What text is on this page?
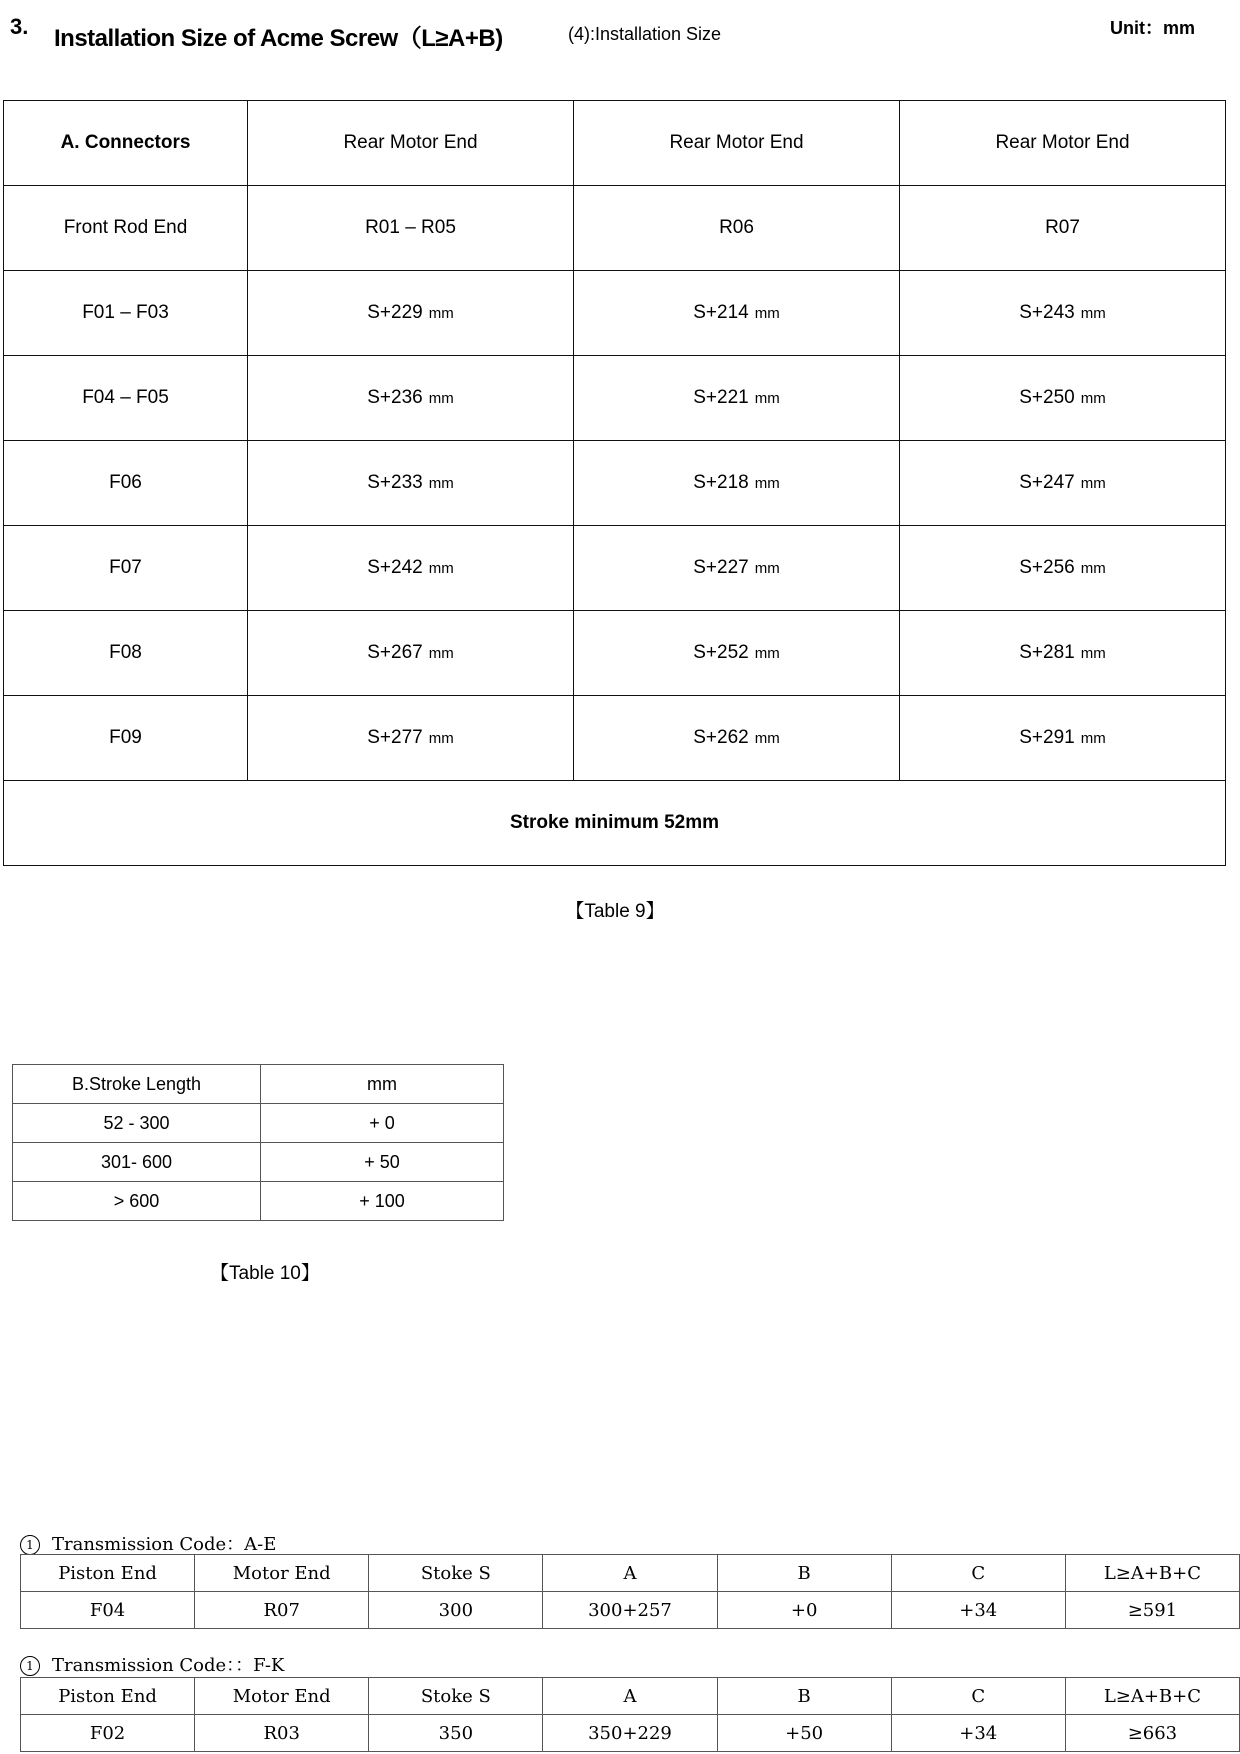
3. Installation Size of Acme Screw（L≥A+B)	(4):Installation Size	Unit：mm
A. Connectors	Rear Motor End	Rear Motor End	Rear Motor End
Front Rod End	R01 – R05	R06	R07
F01 – F03	S+229 mm	S+214 mm	S+243 mm
F04 – F05	S+236 mm	S+221 mm	S+250 mm
F06	S+233 mm	S+218 mm	S+247 mm
F07	S+242 mm	S+227 mm	S+256 mm
F08	S+267 mm	S+252 mm	S+281 mm
F09	S+277 mm	S+262 mm	S+291 mm
Stroke minimum 52mm			
【Table 9】
B.Stroke Length	mm
52 - 300	+ 0
301- 600	+ 50
> 600	+ 100
【Table 10】
1 Transmission Code：A-E
Piston End	Motor End	Stoke S	A	B	C	L≥A+B+C
F04	R07	300	300+257	+0	+34	≥591
1 Transmission Code：：F-K
Piston End	Motor End	Stoke S	A	B	C	L≥A+B+C
F02	R03	350	350+229	+50	+34	≥663
